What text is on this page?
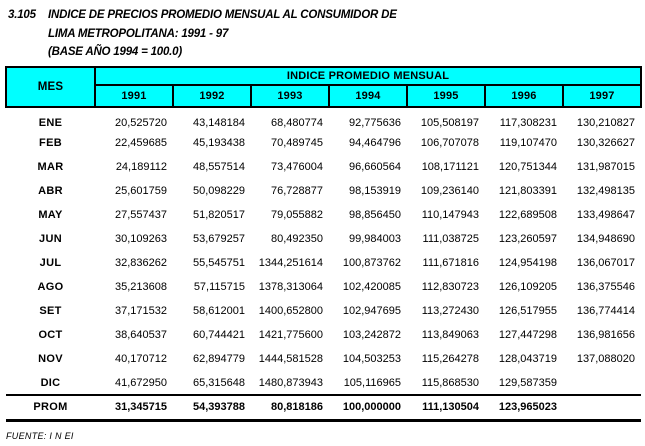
3.105 INDICE DE PRECIOS PROMEDIO MENSUAL AL CONSUMIDOR DE
LIMA METROPOLITANA: 1991 - 97
(BASE AÑO 1994 = 100.0)
MES	INDICE PROMEDIO MENSUAL						
	1991	1992	1993	1994	1995	1996	1997
ENE	20,525720	43,148184	68,480774	92,775636	105,508197	117,308231	130,210827
FEB	22,459685	45,193438	70,489745	94,464796	106,707078	119,107470	130,326627
MAR	24,189112	48,557514	73,476004	96,660564	108,171121	120,751344	131,987015
ABR	25,601759	50,098229	76,728877	98,153919	109,236140	121,803391	132,498135
MAY	27,557437	51,820517	79,055882	98,856450	110,147943	122,689508	133,498647
JUN	30,109263	53,679257	80,492350	99,984003	111,038725	123,260597	134,948690
JUL	32,836262	55,545751	1344,251614	100,873762	111,671816	124,954198	136,067017
AGO	35,213608	57,115715	1378,313064	102,420085	112,830723	126,109205	136,375546
SET	37,171532	58,612001	1400,652800	102,947695	113,272430	126,517955	136,774414
OCT	38,640537	60,744421	1421,775600	103,242872	113,849063	127,447298	136,981656
NOV	40,170712	62,894779	1444,581528	104,503253	115,264278	128,043719	137,088020
DIC	41,672950	65,315648	1480,873943	105,116965	115,868530	129,587359	
PROM	31,345715	54,393788	80,818186	100,000000	111,130504	123,965023	
FUENTE: I N EI
